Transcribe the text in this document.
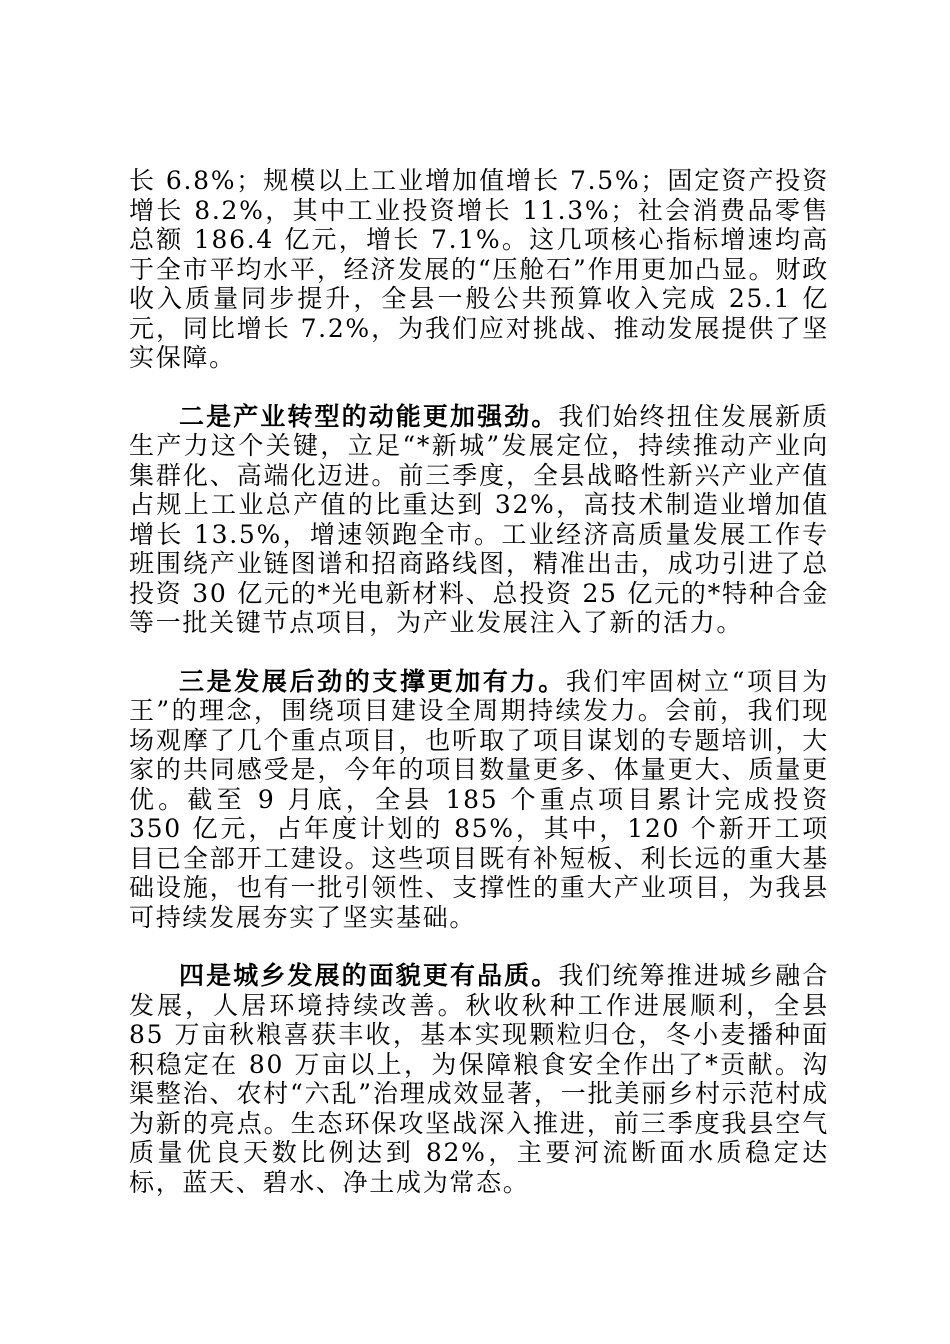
长 6.8%；规模以上工业增加值增长 7.5%；固定资产投资增长 8.2%，其中工业投资增长 11.3%；社会消费品零售总额 186.4 亿元，增长 7.1%。这几项核心指标增速均高于全市平均水平，经济发展的“压舱石”作用更加凸显。财政收入质量同步提升，全县一般公共预算收入完成 25.1 亿元，同比增长 7.2%，为我们应对挑战、推动发展提供了坚实保障。

二是产业转型的动能更加强劲。我们始终扭住发展新质生产力这个关键，立足“*新城”发展定位，持续推动产业向集群化、高端化迈进。前三季度，全县战略性新兴产业产值占规上工业总产值的比重达到 32%，高技术制造业增加值增长 13.5%，增速领跑全市。工业经济高质量发展工作专班围绕产业链图谱和招商路线图，精准出击，成功引进了总投资 30 亿元的*光电新材料、总投资 25 亿元的*特种合金等一批关键节点项目，为产业发展注入了新的活力。

三是发展后劲的支撑更加有力。我们牢固树立“项目为王”的理念，围绕项目建设全周期持续发力。会前，我们现场观摩了几个重点项目，也听取了项目谋划的专题培训，大家的共同感受是，今年的项目数量更多、体量更大、质量更优。截至 9 月底，全县 185 个重点项目累计完成投资 350 亿元，占年度计划的 85%，其中，120 个新开工项目已全部开工建设。这些项目既有补短板、利长远的重大基础设施，也有一批引领性、支撑性的重大产业项目，为我县可持续发展夯实了坚实基础。

四是城乡发展的面貌更有品质。我们统筹推进城乡融合发展，人居环境持续改善。秋收秋种工作进展顺利，全县 85 万亩秋粮喜获丰收，基本实现颗粒归仓，冬小麦播种面积稳定在 80 万亩以上，为保障粮食安全作出了*贡献。沟渠整治、农村“六乱”治理成效显著，一批美丽乡村示范村成为新的亮点。生态环保攻坚战深入推进，前三季度我县空气质量优良天数比例达到 82%，主要河流断面水质稳定达标，蓝天、碧水、净土成为常态。
